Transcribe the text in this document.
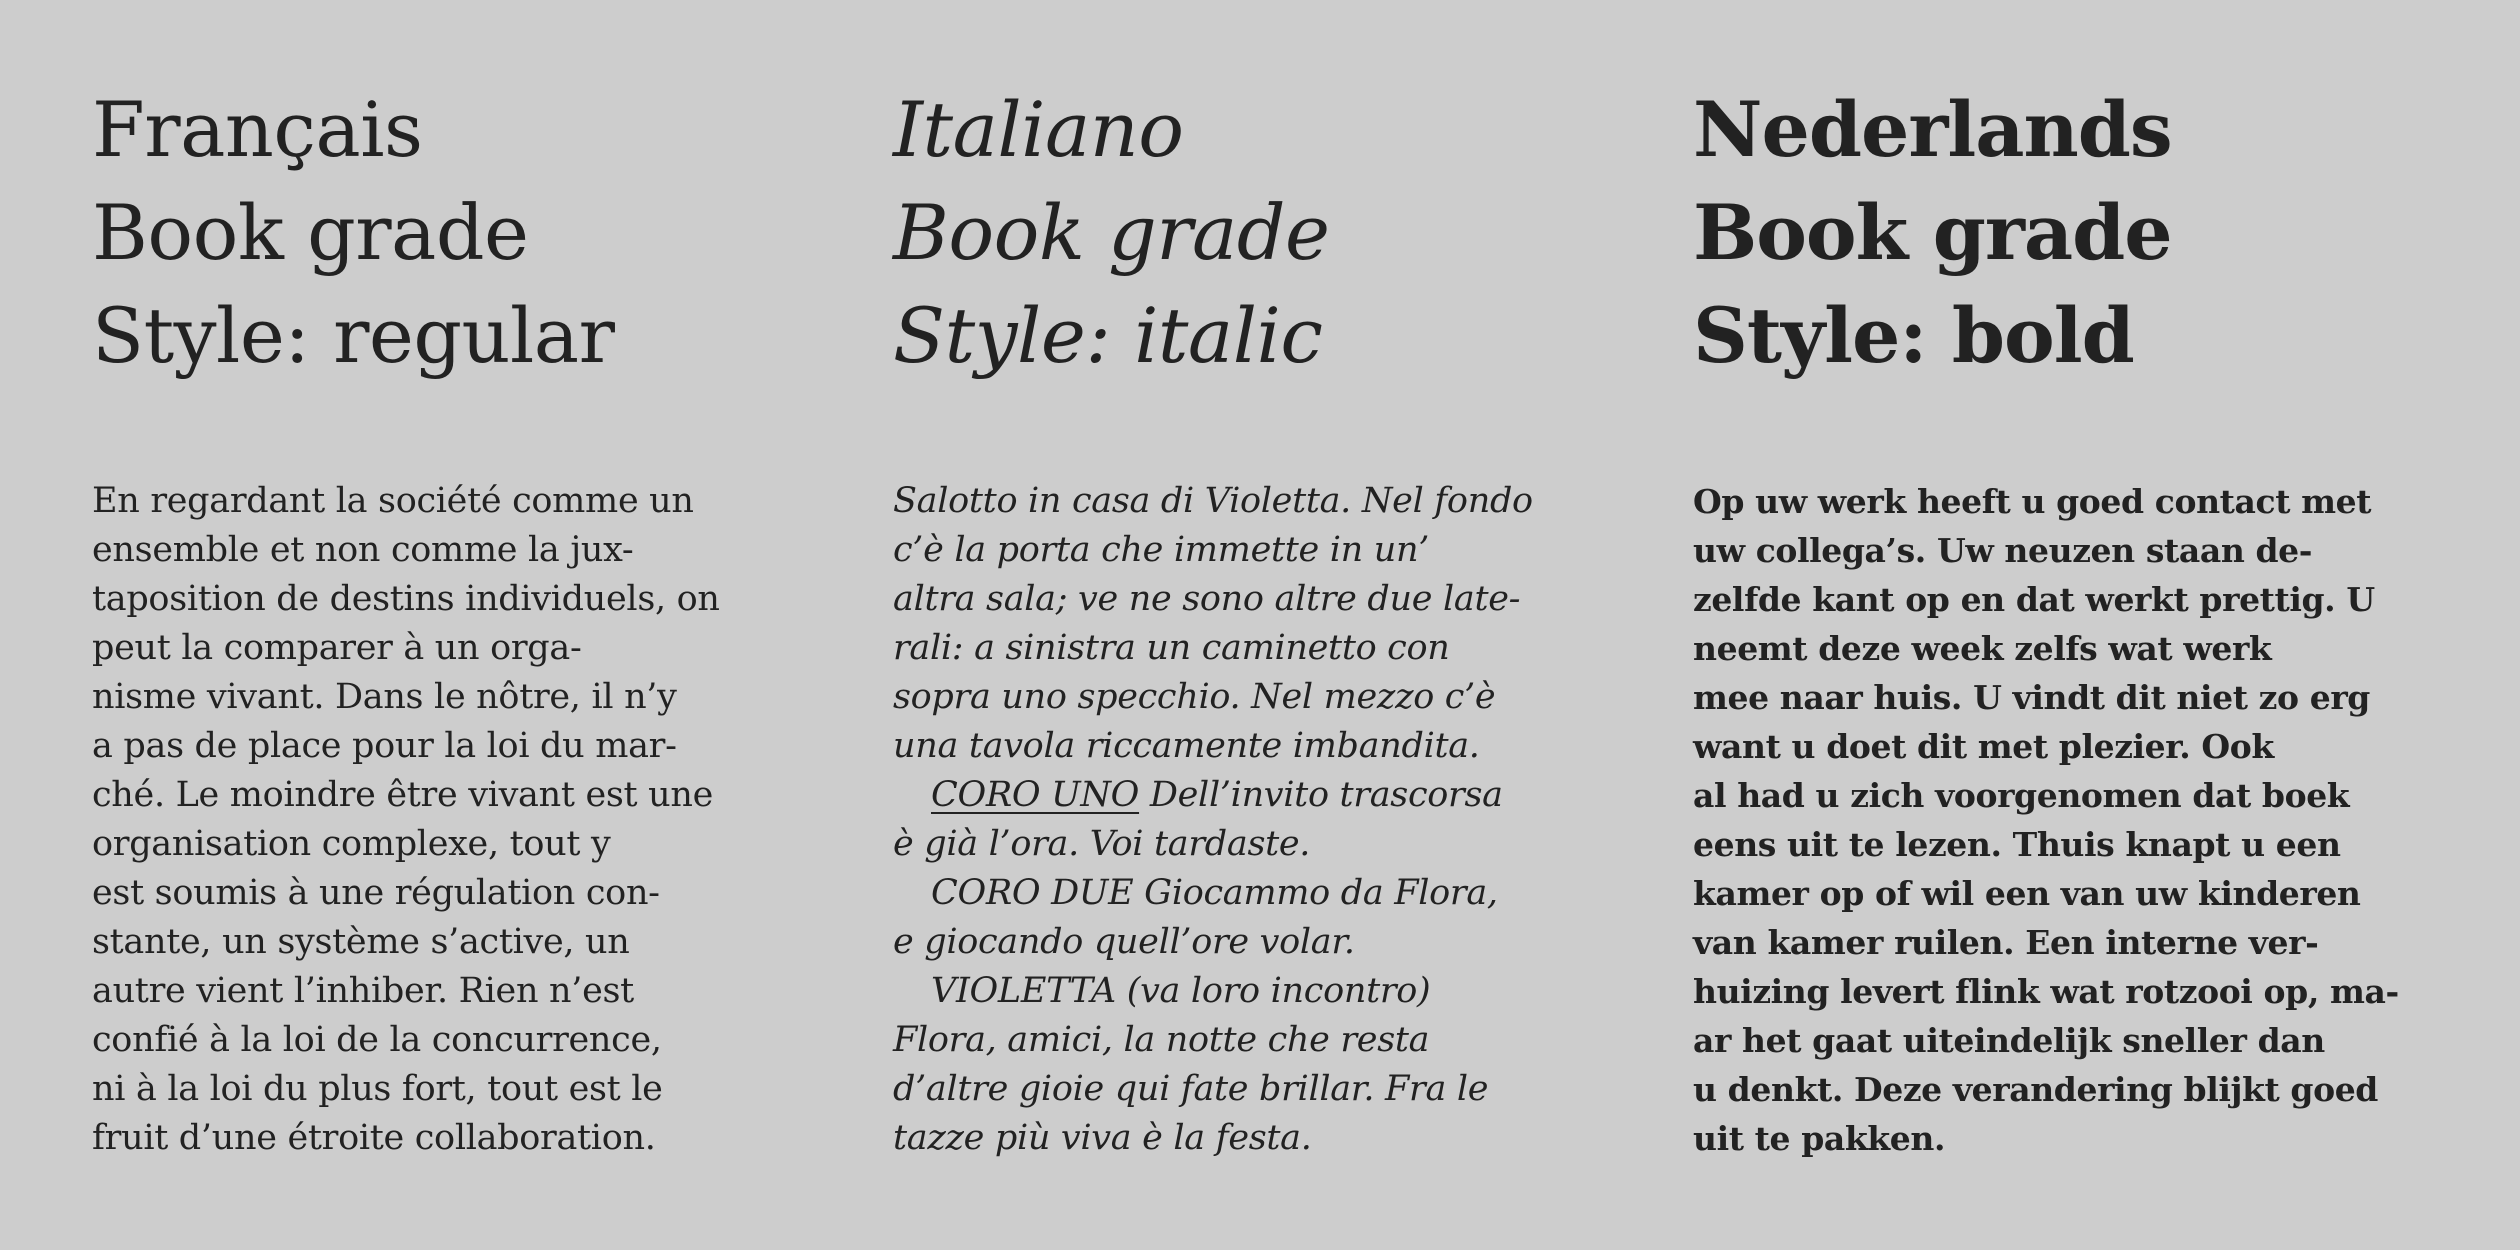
Français
Book grade
Style: regular

En regardant la société comme un
ensemble et non comme la jux-
taposition de destins individuels, on
peut la comparer à un orga-
nisme vivant. Dans le nôtre, il n’y
a pas de place pour la loi du mar-
ché. Le moindre être vivant est une
organisation complexe, tout y
est soumis à une régulation con-
stante, un système s’active, un
autre vient l’inhiber. Rien n’est
confié à la loi de la concurrence,
ni à la loi du plus fort, tout est le
fruit d’une étroite collaboration.

Italiano
Book grade
Style: italic

Salotto in casa di Violetta. Nel fondo
c’è la porta che immette in un’
altra sala; ve ne sono altre due late-
rali: a sinistra un caminetto con
sopra uno specchio. Nel mezzo c’è
una tavola riccamente imbandita.
CORO UNO Dell’invito trascorsa
è già l’ora. Voi tardaste.
CORO DUE Giocammo da Flora,
e giocando quell’ore volar.
VIOLETTA (va loro incontro)
Flora, amici, la notte che resta
d’altre gioie qui fate brillar. Fra le
tazze più viva è la festa.

Nederlands
Book grade
Style: bold

Op uw werk heeft u goed contact met
uw collega’s. Uw neuzen staan de-
zelfde kant op en dat werkt prettig. U
neemt deze week zelfs wat werk
mee naar huis. U vindt dit niet zo erg
want u doet dit met plezier. Ook
al had u zich voorgenomen dat boek
eens uit te lezen. Thuis knapt u een
kamer op of wil een van uw kinderen
van kamer ruilen. Een interne ver-
huizing levert flink wat rotzooi op, ma-
ar het gaat uiteindelijk sneller dan
u denkt. Deze verandering blijkt goed
uit te pakken.
